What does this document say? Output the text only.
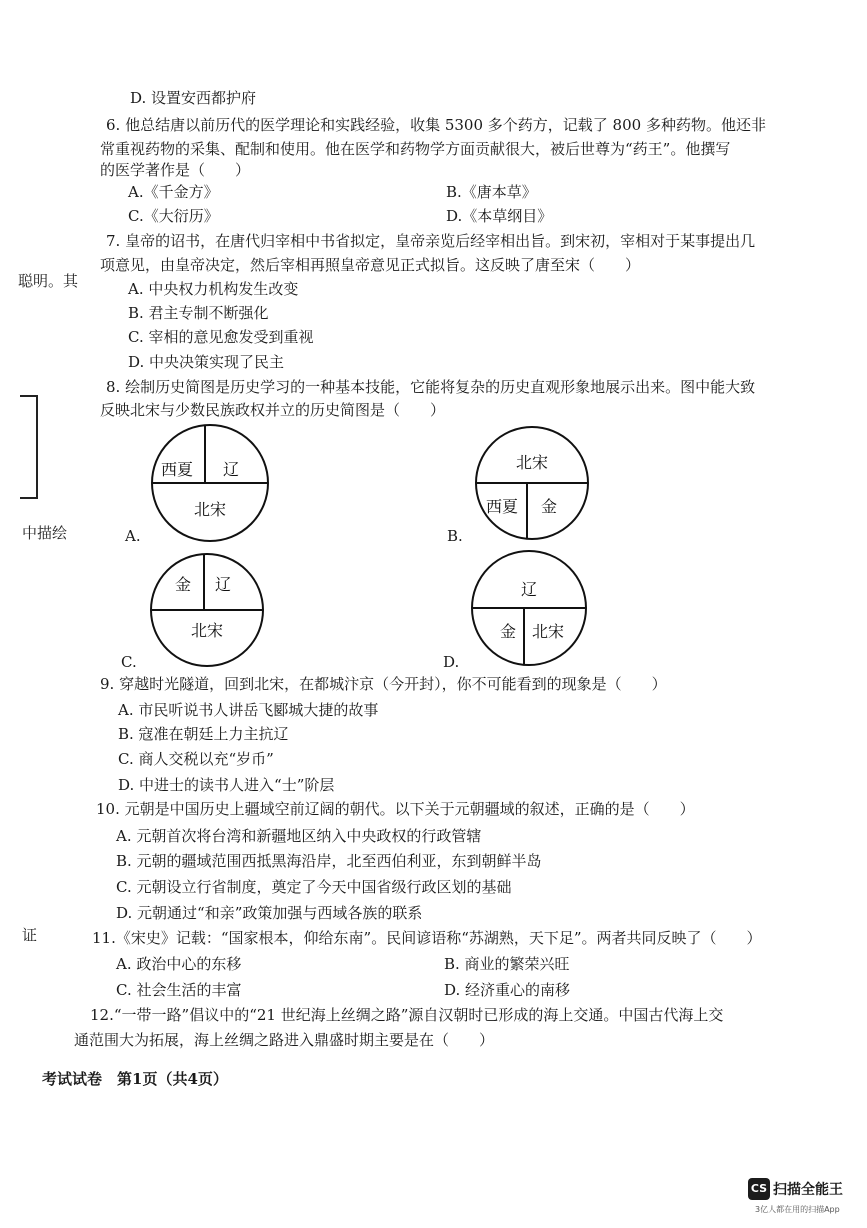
聪明。其
中描绘
证
D. 设置安西都护府
6. 他总结唐以前历代的医学理论和实践经验，收集 5300 多个药方，记载了 800 多种药物。他还非
常重视药物的采集、配制和使用。他在医学和药物学方面贡献很大，被后世尊为“药王”。他撰写
的医学著作是（　　）
A.《千金方》	B.《唐本草》
C.《大衍历》	D.《本草纲目》
7. 皇帝的诏书，在唐代归宰相中书省拟定，皇帝亲览后经宰相出旨。到宋初，宰相对于某事提出几
项意见，由皇帝决定，然后宰相再照皇帝意见正式拟旨。这反映了唐至宋（　　）
A. 中央权力机构发生改变
B. 君主专制不断强化
C. 宰相的意见愈发受到重视
D. 中央决策实现了民主
8. 绘制历史简图是历史学习的一种基本技能，它能将复杂的历史直观形象地展示出来。图中能大致
反映北宋与少数民族政权并立的历史简图是（　　）
西夏 辽
北宋
A.
北宋
西夏 金
B.
金 辽
北宋
C.
辽
金 北宋
D.
9. 穿越时光隧道，回到北宋，在都城汴京（今开封），你不可能看到的现象是（　　）
A. 市民听说书人讲岳飞郾城大捷的故事
B. 寇准在朝廷上力主抗辽
C. 商人交税以充“岁币”
D. 中进士的读书人进入“士”阶层
10. 元朝是中国历史上疆域空前辽阔的朝代。以下关于元朝疆域的叙述，正确的是（　　）
A. 元朝首次将台湾和新疆地区纳入中央政权的行政管辖
B. 元朝的疆域范围西抵黑海沿岸，北至西伯利亚，东到朝鲜半岛
C. 元朝设立行省制度，奠定了今天中国省级行政区划的基础
D. 元朝通过“和亲”政策加强与西域各族的联系
11.《宋史》记载：“国家根本，仰给东南”。民间谚语称“苏湖熟，天下足”。两者共同反映了（　　）
A. 政治中心的东移	B. 商业的繁荣兴旺
C. 社会生活的丰富	D. 经济重心的南移
12.“一带一路”倡议中的“21 世纪海上丝绸之路”源自汉朝时已形成的海上交通。中国古代海上交
通范围大为拓展，海上丝绸之路进入鼎盛时期主要是在（　　）
考试试卷　第1页（共4页）
CS 扫描全能王
3亿人都在用的扫描App
